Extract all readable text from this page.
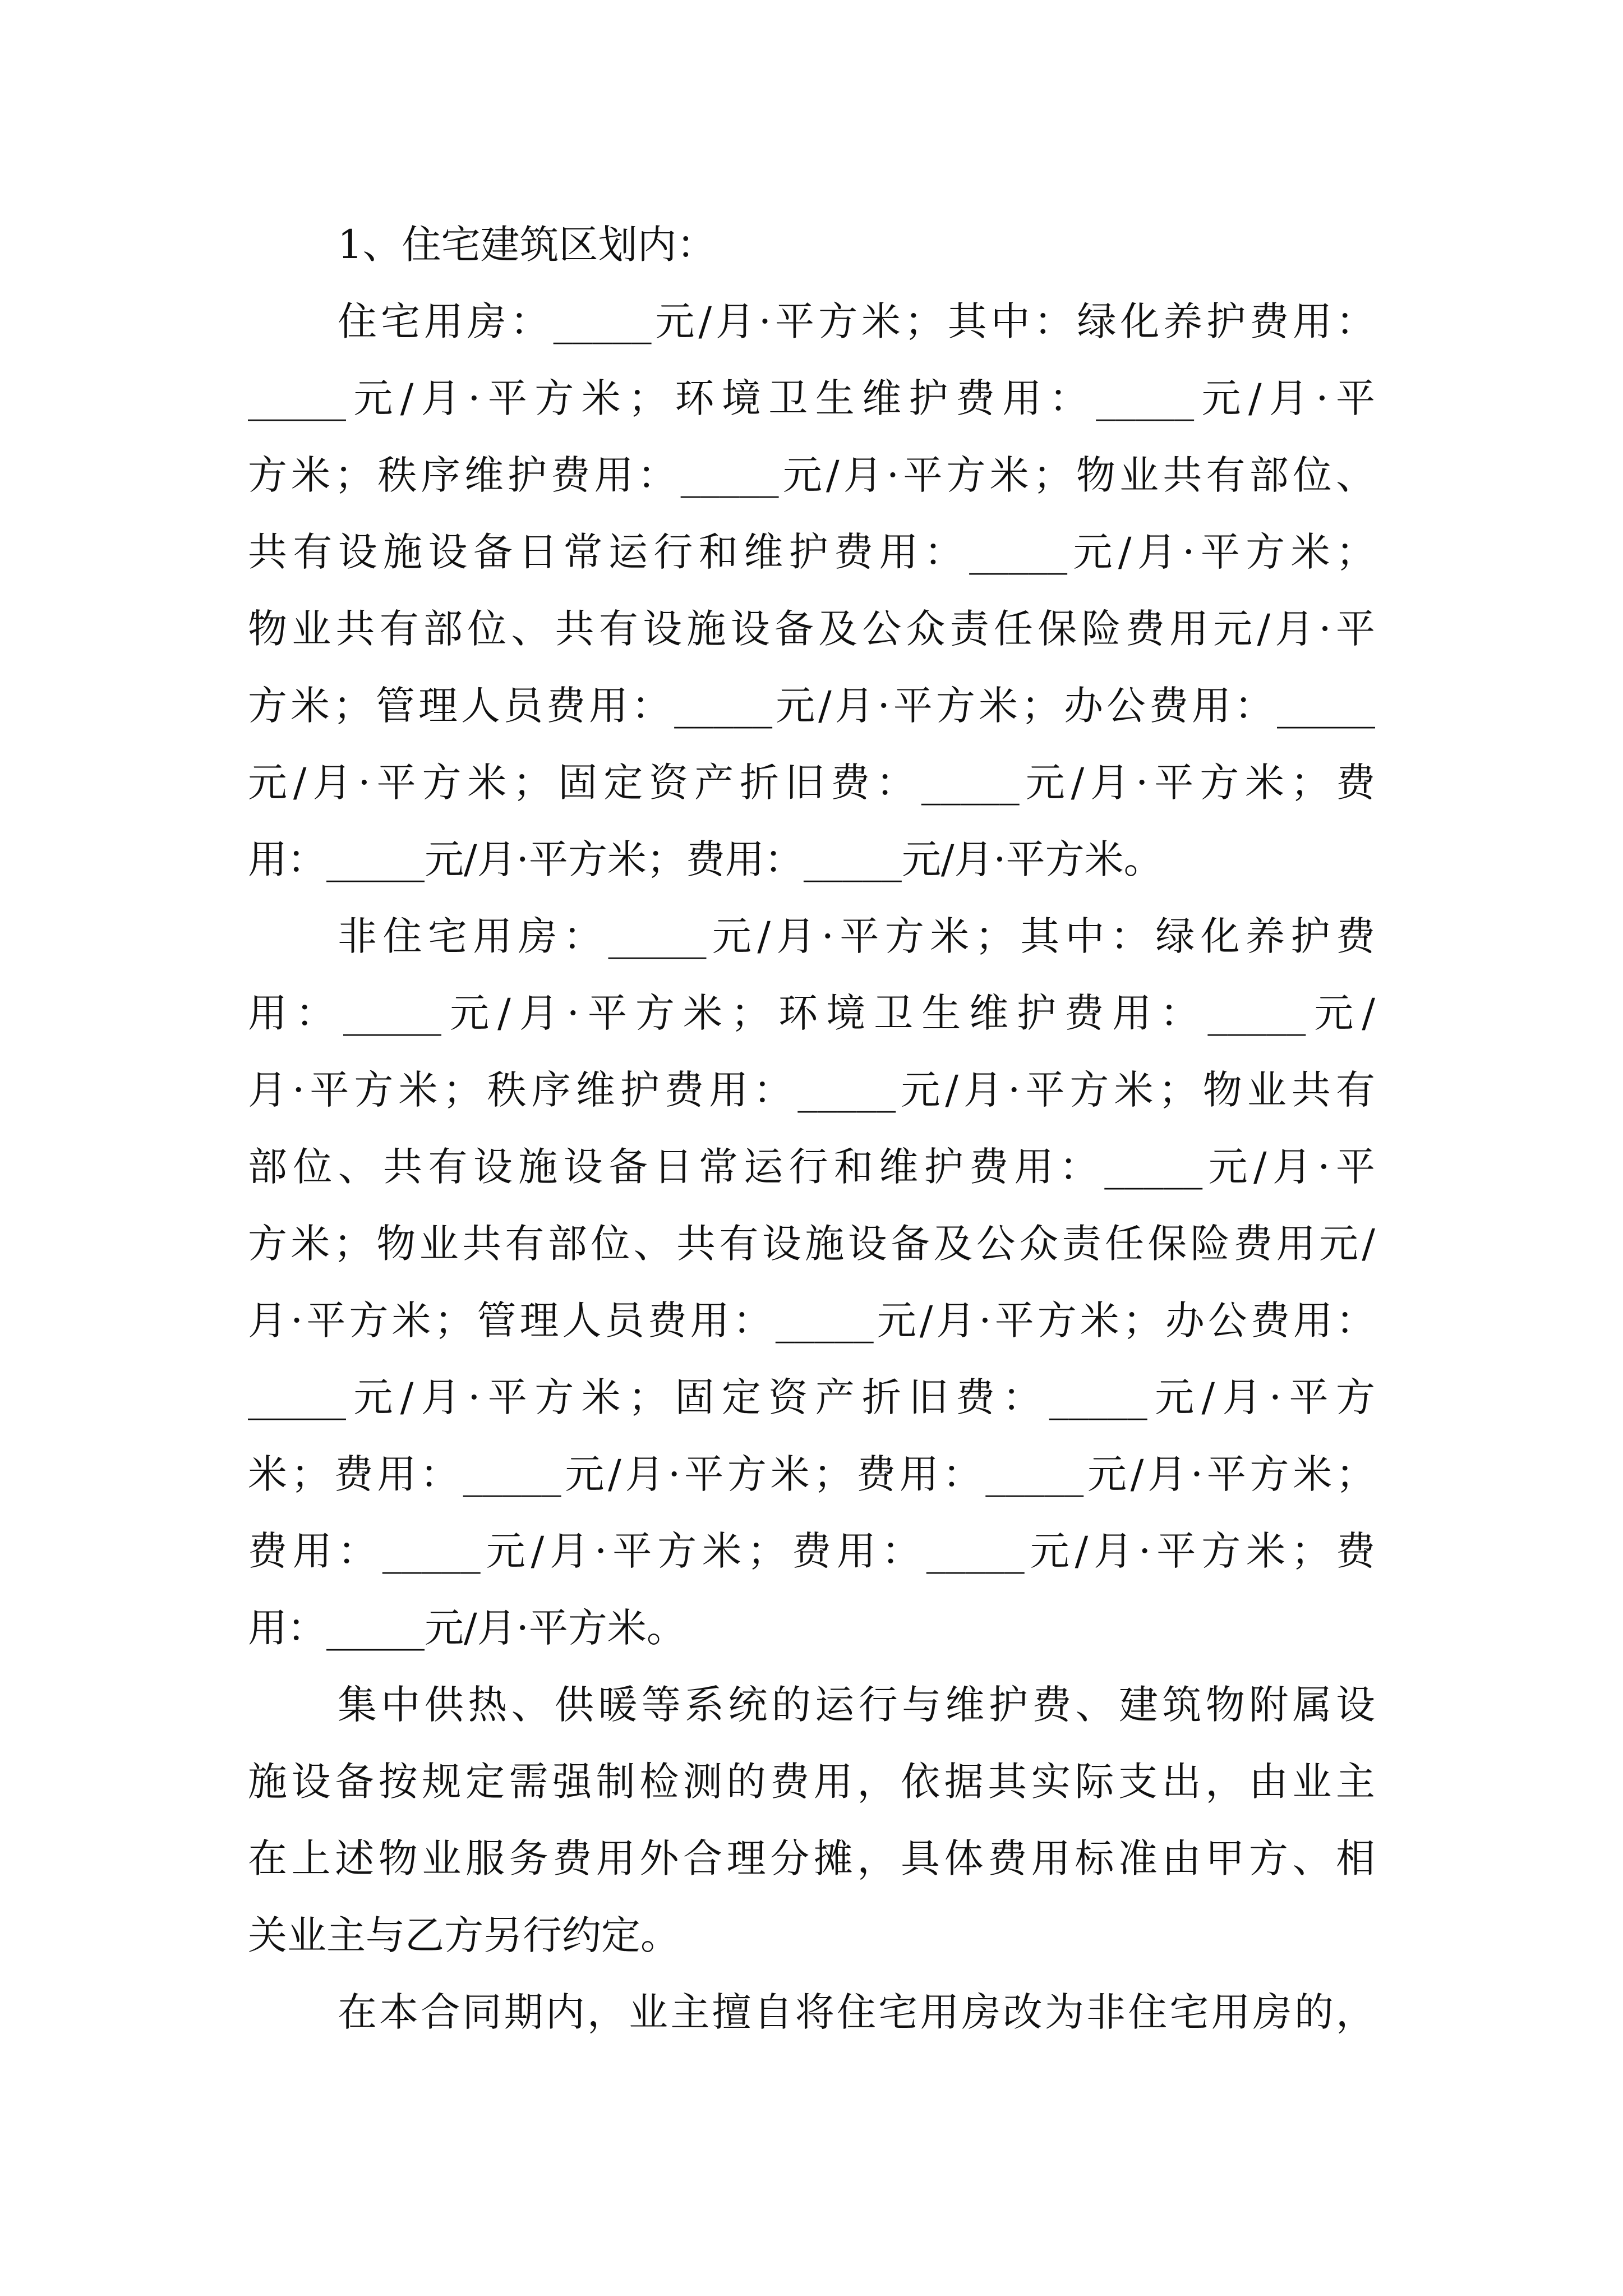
1、住宅建筑区划内：
住宅用房：_____元/月·平方米；其中：绿化养护费用：
_____元/月·平方米；环境卫生维护费用：_____元/月·平
方米；秩序维护费用：_____元/月·平方米；物业共有部位、
共有设施设备日常运行和维护费用：_____元/月·平方米；
物业共有部位、共有设施设备及公众责任保险费用元/月·平
方米；管理人员费用：_____元/月·平方米；办公费用：_____
元/月·平方米；固定资产折旧费：_____元/月·平方米；费
用：_____元/月·平方米；费用：_____元/月·平方米。
非住宅用房：_____元/月·平方米；其中：绿化养护费
用：_____元/月·平方米；环境卫生维护费用：_____元/
月·平方米；秩序维护费用：_____元/月·平方米；物业共有
部位、共有设施设备日常运行和维护费用：_____元/月·平
方米；物业共有部位、共有设施设备及公众责任保险费用元/
月·平方米；管理人员费用：_____元/月·平方米；办公费用：
_____元/月·平方米；固定资产折旧费：_____元/月·平方
米；费用：_____元/月·平方米；费用：_____元/月·平方米；
费用：_____元/月·平方米；费用：_____元/月·平方米；费
用：_____元/月·平方米。
集中供热、供暖等系统的运行与维护费、建筑物附属设
施设备按规定需强制检测的费用，依据其实际支出，由业主
在上述物业服务费用外合理分摊，具体费用标准由甲方、相
关业主与乙方另行约定。
在本合同期内，业主擅自将住宅用房改为非住宅用房的，
